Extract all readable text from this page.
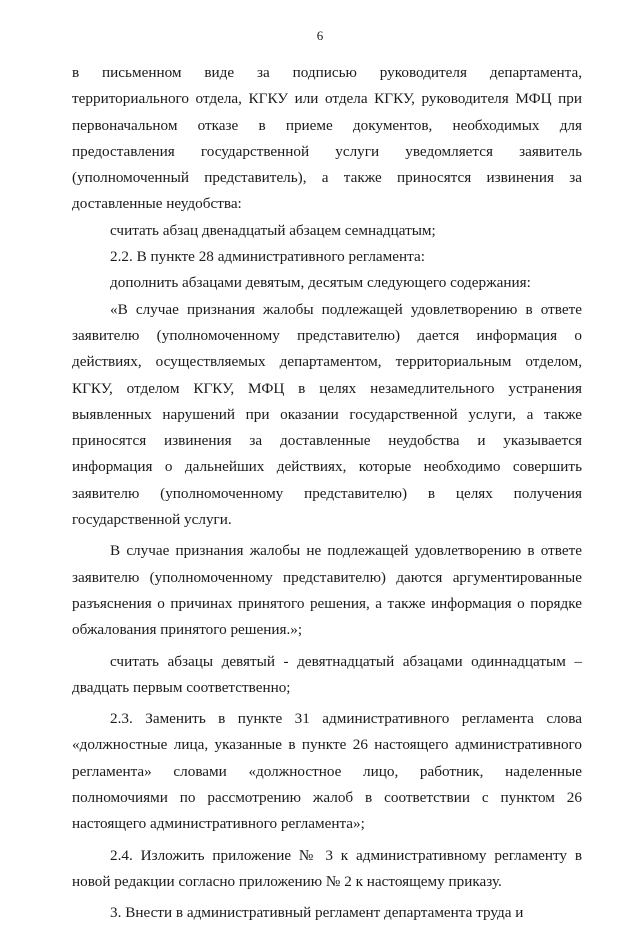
6

в письменном виде за подписью руководителя департамента, территориального отдела, КГКУ или отдела КГКУ, руководителя МФЦ при первоначальном отказе в приеме документов, необходимых для предоставления государственной услуги уведомляется заявитель (уполномоченный представитель), а также приносятся извинения за доставленные неудобства:

считать абзац двенадцатый абзацем семнадцатым;

2.2. В пункте 28 административного регламента:

дополнить абзацами девятым, десятым следующего содержания:

«В случае признания жалобы подлежащей удовлетворению в ответе заявителю (уполномоченному представителю) дается информация о действиях, осуществляемых департаментом, территориальным отделом, КГКУ, отделом КГКУ, МФЦ в целях незамедлительного устранения выявленных нарушений при оказании государственной услуги, а также приносятся извинения за доставленные неудобства и указывается информация о дальнейших действиях, которые необходимо совершить заявителю (уполномоченному представителю) в целях получения государственной услуги.

В случае признания жалобы не подлежащей удовлетворению в ответе заявителю (уполномоченному представителю) даются аргументированные разъяснения о причинах принятого решения, а также информация о порядке обжалования принятого решения.»;

считать абзацы девятый - девятнадцатый абзацами одиннадцатым – двадцать первым соответственно;

2.3. Заменить в пункте 31 административного регламента слова «должностные лица, указанные в пункте 26 настоящего административного регламента» словами «должностное лицо, работник, наделенные полномочиями по рассмотрению жалоб в соответствии с пунктом 26 настоящего административного регламента»;

2.4. Изложить приложение № 3 к административному регламенту в новой редакции согласно приложению № 2 к настоящему приказу.

3. Внести в административный регламент департамента труда и
